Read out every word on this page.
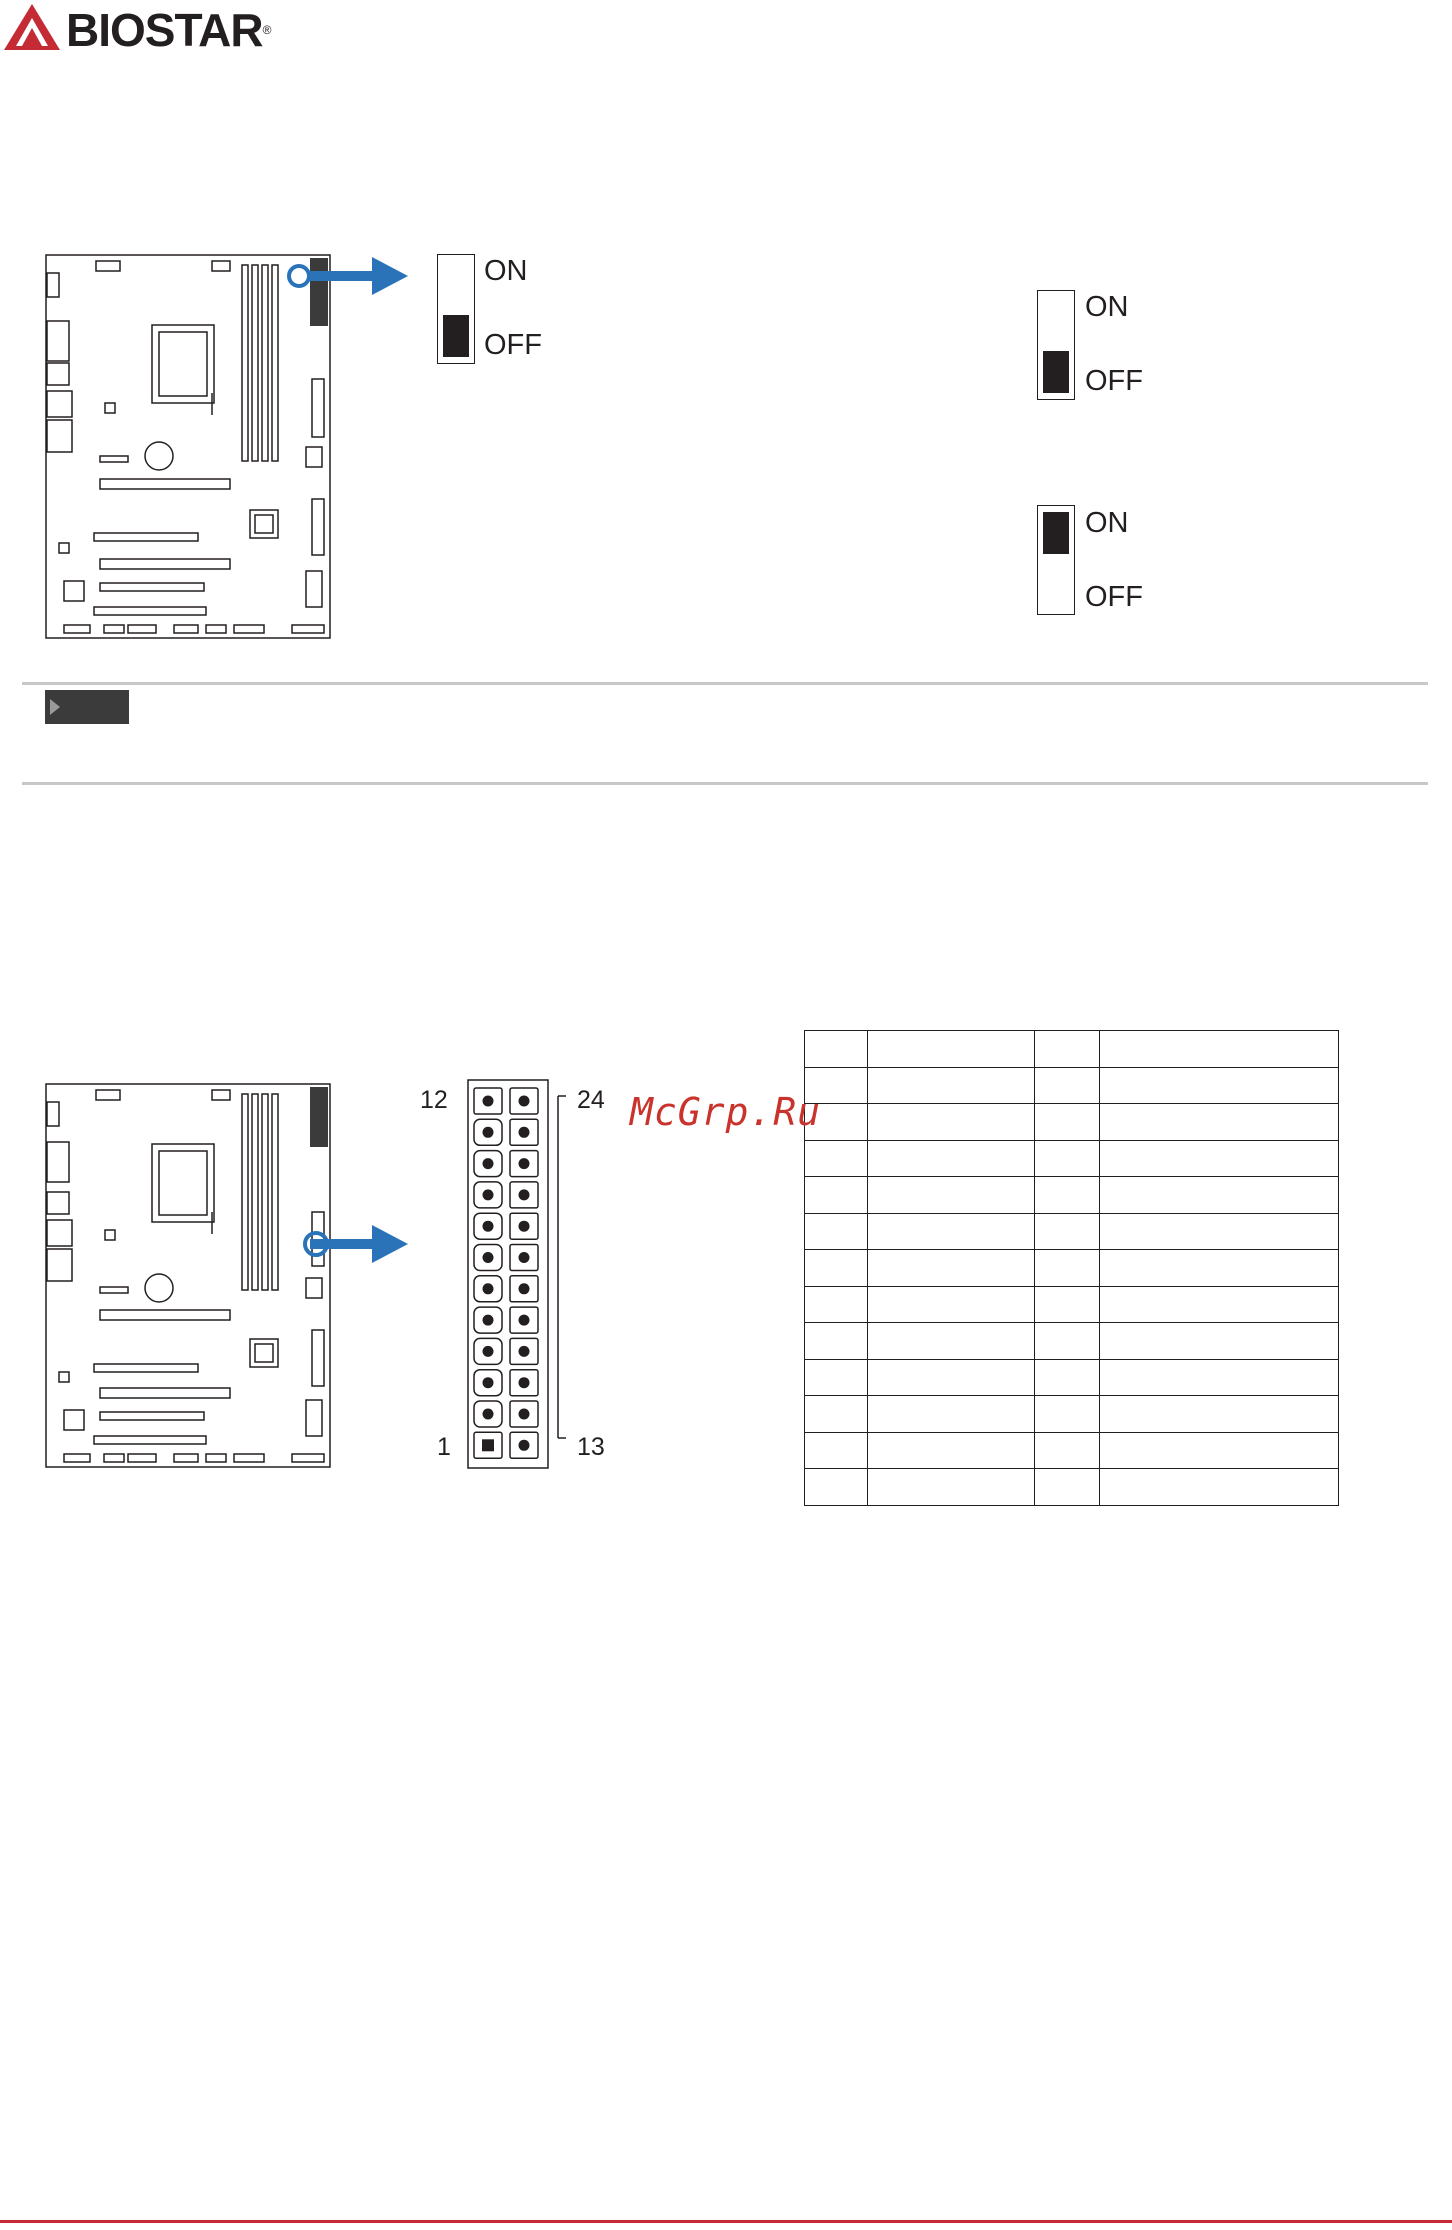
BIOSTAR®
ON
OFF
ON
OFF
ON
OFF
12	24
1	13

McGrp.Ru
